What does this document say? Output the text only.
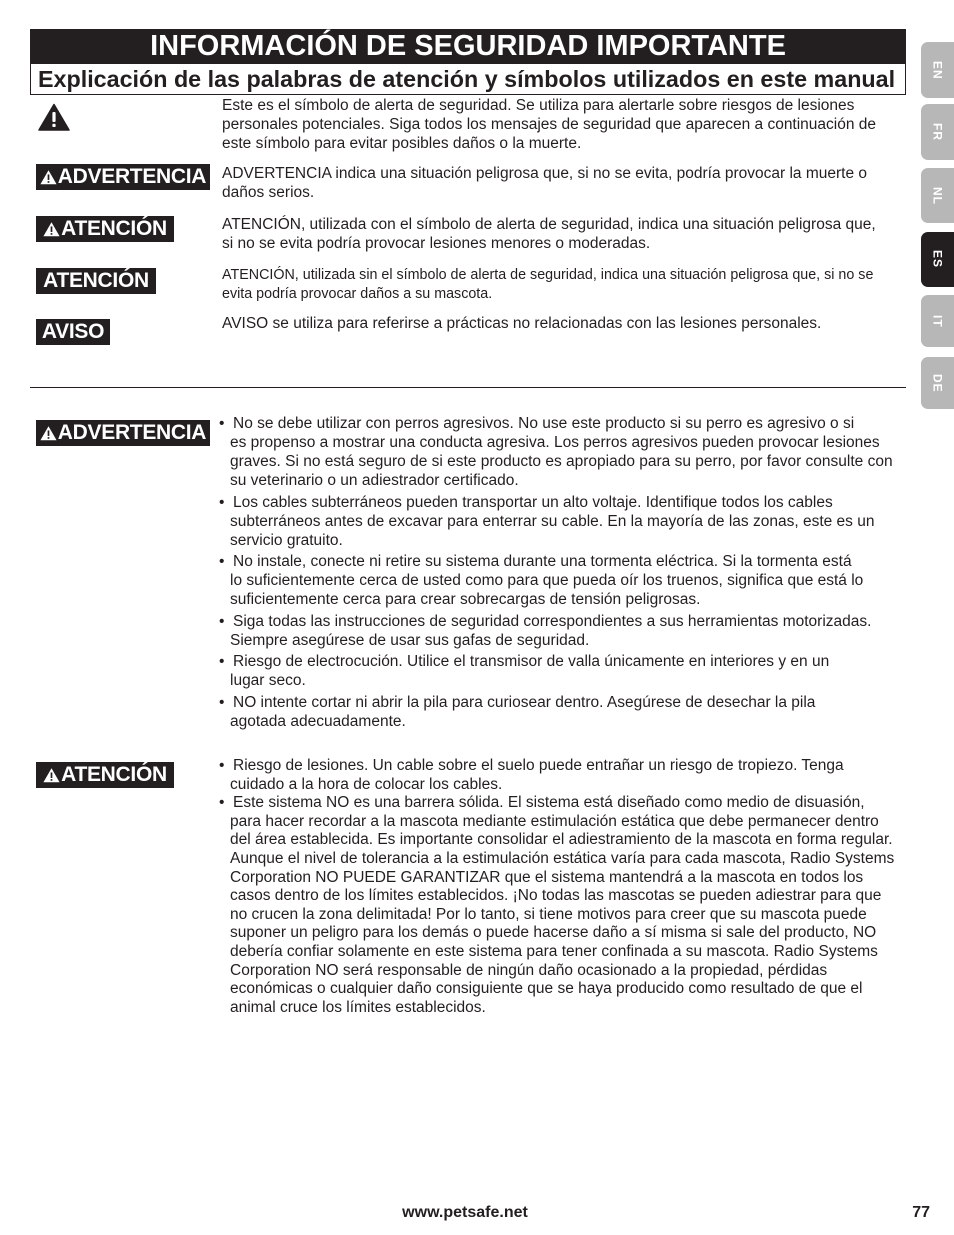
INFORMACIÓN DE SEGURIDAD IMPORTANTE
Explicación de las palabras de atención y símbolos utilizados en este manual	EN
FR
NL
ES
IT
DE
Este es el símbolo de alerta de seguridad. Se utiliza para alertarle sobre riesgos de lesiones
personales potenciales. Siga todos los mensajes de seguridad que aparecen a continuación de
este símbolo para evitar posibles daños o la muerte.
ADVERTENCIA ADVERTENCIA indica una situación peligrosa que, si no se evita, podría provocar la muerte o
daños serios.
ATENCIÓN	ATENCIÓN, utilizada con el símbolo de alerta de seguridad, indica una situación peligrosa que,
si no se evita podría provocar lesiones menores o moderadas.
ATENCIÓN	ATENCIÓN, utilizada sin el símbolo de alerta de seguridad, indica una situación peligrosa que, si no se
evita podría provocar daños a su mascota.
AVISO	AVISO se utiliza para referirse a prácticas no relacionadas con las lesiones personales.
ADVERTENCIA	• No se debe utilizar con perros agresivos. No use este producto si su perro es agresivo o si
es propenso a mostrar una conducta agresiva. Los perros agresivos pueden provocar lesiones
graves. Si no está seguro de si este producto es apropiado para su perro, por favor consulte con
su veterinario o un adiestrador certificado.
• Los cables subterráneos pueden transportar un alto voltaje. Identifique todos los cables
subterráneos antes de excavar para enterrar su cable. En la mayoría de las zonas, este es un
servicio gratuito.
• No instale, conecte ni retire su sistema durante una tormenta eléctrica. Si la tormenta está
lo suficientemente cerca de usted como para que pueda oír los truenos, significa que está lo
suficientemente cerca para crear sobrecargas de tensión peligrosas.
• Siga todas las instrucciones de seguridad correspondientes a sus herramientas motorizadas.
Siempre asegúrese de usar sus gafas de seguridad.
• Riesgo de electrocución. Utilice el transmisor de valla únicamente en interiores y en un
lugar seco.
• NO intente cortar ni abrir la pila para curiosear dentro. Asegúrese de desechar la pila
agotada adecuadamente.
ATENCIÓN	• Riesgo de lesiones. Un cable sobre el suelo puede entrañar un riesgo de tropiezo. Tenga
cuidado a la hora de colocar los cables.
• Este sistema NO es una barrera sólida. El sistema está diseñado como medio de disuasión,
para hacer recordar a la mascota mediante estimulación estática que debe permanecer dentro
del área establecida. Es importante consolidar el adiestramiento de la mascota en forma regular.
Aunque el nivel de tolerancia a la estimulación estática varía para cada mascota, Radio Systems
Corporation NO PUEDE GARANTIZAR que el sistema mantendrá a la mascota en todos los
casos dentro de los límites establecidos. ¡No todas las mascotas se pueden adiestrar para que
no crucen la zona delimitada! Por lo tanto, si tiene motivos para creer que su mascota puede
suponer un peligro para los demás o puede hacerse daño a sí misma si sale del producto, NO
debería confiar solamente en este sistema para tener confinada a su mascota. Radio Systems
Corporation NO será responsable de ningún daño ocasionado a la propiedad, pérdidas
económicas o cualquier daño consiguiente que se haya producido como resultado de que el
animal cruce los límites establecidos.
www.petsafe.net	77
